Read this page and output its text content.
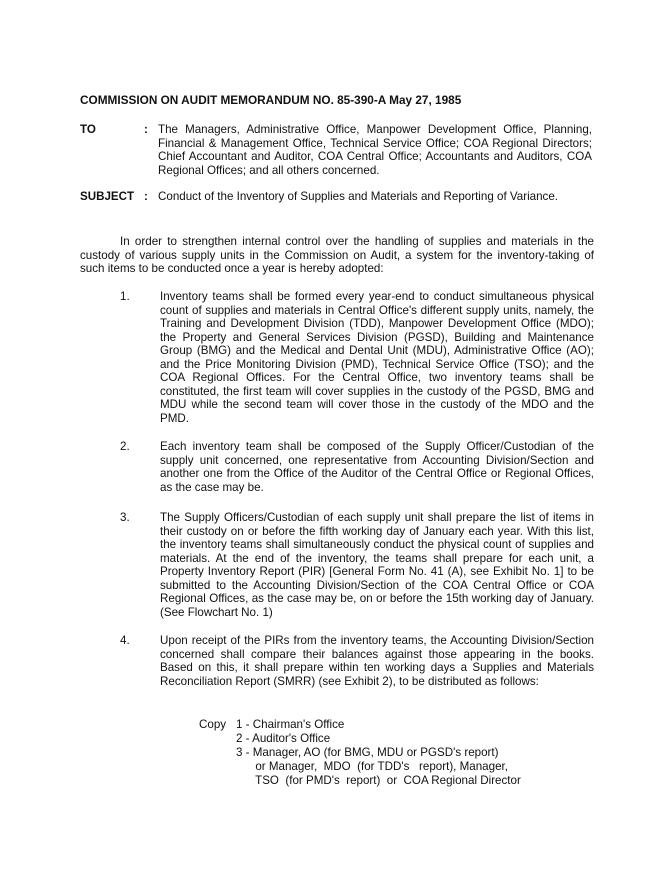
COMMISSION ON AUDIT MEMORANDUM NO. 85-390-A May 27, 1985
TO	: The Managers, Administrative Office, Manpower Development Office, Planning, Financial & Management Office, Technical Service Office; COA Regional Directors; Chief Accountant and Auditor, COA Central Office; Accountants and Auditors, COA Regional Offices; and all others concerned.
SUBJECT : Conduct of the Inventory of Supplies and Materials and Reporting of Variance.
In order to strengthen internal control over the handling of supplies and materials in the custody of various supply units in the Commission on Audit, a system for the inventory-taking of such items to be conducted once a year is hereby adopted:
1.	Inventory teams shall be formed every year-end to conduct simultaneous physical count of supplies and materials in Central Office's different supply units, namely, the Training and Development Division (TDD), Manpower Development Office (MDO); the Property and General Services Division (PGSD), Building and Maintenance Group (BMG) and the Medical and Dental Unit (MDU), Administrative Office (AO); and the Price Monitoring Division (PMD), Technical Service Office (TSO); and the COA Regional Offices. For the Central Office, two inventory teams shall be constituted, the first team will cover supplies in the custody of the PGSD, BMG and MDU while the second team will cover those in the custody of the MDO and the PMD.
2.	Each inventory team shall be composed of the Supply Officer/Custodian of the supply unit concerned, one representative from Accounting Division/Section and another one from the Office of the Auditor of the Central Office or Regional Offices, as the case may be.
3.	The Supply Officers/Custodian of each supply unit shall prepare the list of items in their custody on or before the fifth working day of January each year. With this list, the inventory teams shall simultaneously conduct the physical count of supplies and materials. At the end of the inventory, the teams shall prepare for each unit, a Property Inventory Report (PIR) [General Form No. 41 (A), see Exhibit No. 1] to be submitted to the Accounting Division/Section of the COA Central Office or COA Regional Offices, as the case may be, on or before the 15th working day of January. (See Flowchart No. 1)
4.	Upon receipt of the PIRs from the inventory teams, the Accounting Division/Section concerned shall compare their balances against those appearing in the books. Based on this, it shall prepare within ten working days a Supplies and Materials Reconciliation Report (SMRR) (see Exhibit 2), to be distributed as follows:
Copy 1 - Chairman's Office
2 - Auditor's Office
3 - Manager, AO (for BMG, MDU or PGSD's report)
or Manager,  MDO  (for TDD's   report), Manager,
TSO  (for PMD's  report)  or  COA Regional Director
